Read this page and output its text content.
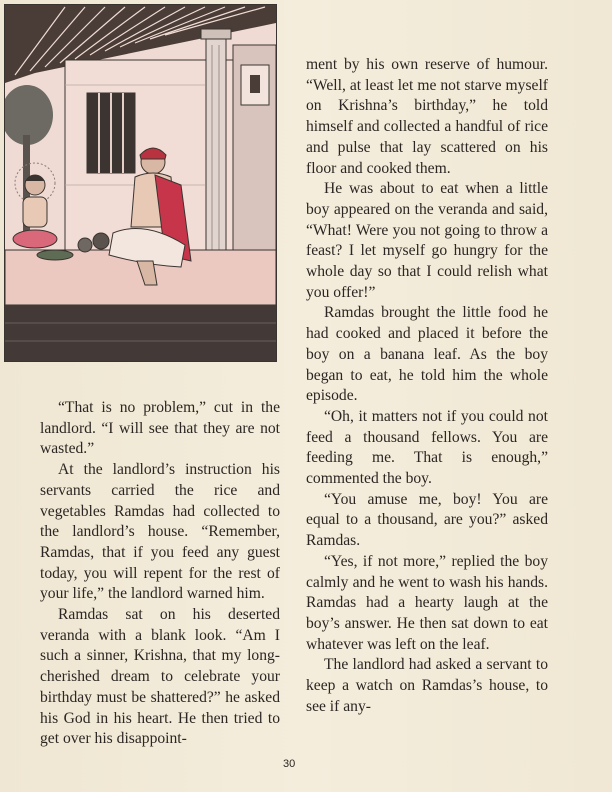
“That is no problem,” cut in the landlord. “I will see that they are not wasted.”

At the landlord’s instruction his servants carried the rice and vegetables Ramdas had collected to the landlord’s house. “Remember, Ramdas, that if you feed any guest today, you will repent for the rest of your life,” the landlord warned him.

Ramdas sat on his deserted veranda with a blank look. “Am I such a sinner, Krishna, that my long-cherished dream to celebrate your birthday must be shattered?” he asked his God in his heart. He then tried to get over his disappoint-

ment by his own reserve of humour. “Well, at least let me not starve myself on Krishna’s birthday,” he told himself and collected a handful of rice and pulse that lay scattered on his floor and cooked them.

He was about to eat when a little boy appeared on the veranda and said, “What! Were you not going to throw a feast? I let myself go hungry for the whole day so that I could relish what you offer!”

Ramdas brought the little food he had cooked and placed it before the boy on a banana leaf. As the boy began to eat, he told him the whole episode.

“Oh, it matters not if you could not feed a thousand fellows. You are feeding me. That is enough,” commented the boy.

“You amuse me, boy! You are equal to a thousand, are you?” asked Ramdas.

“Yes, if not more,” replied the boy calmly and he went to wash his hands. Ramdas had a hearty laugh at the boy’s answer. He then sat down to eat whatever was left on the leaf.

The landlord had asked a servant to keep a watch on Ramdas’s house, to see if any-

30
